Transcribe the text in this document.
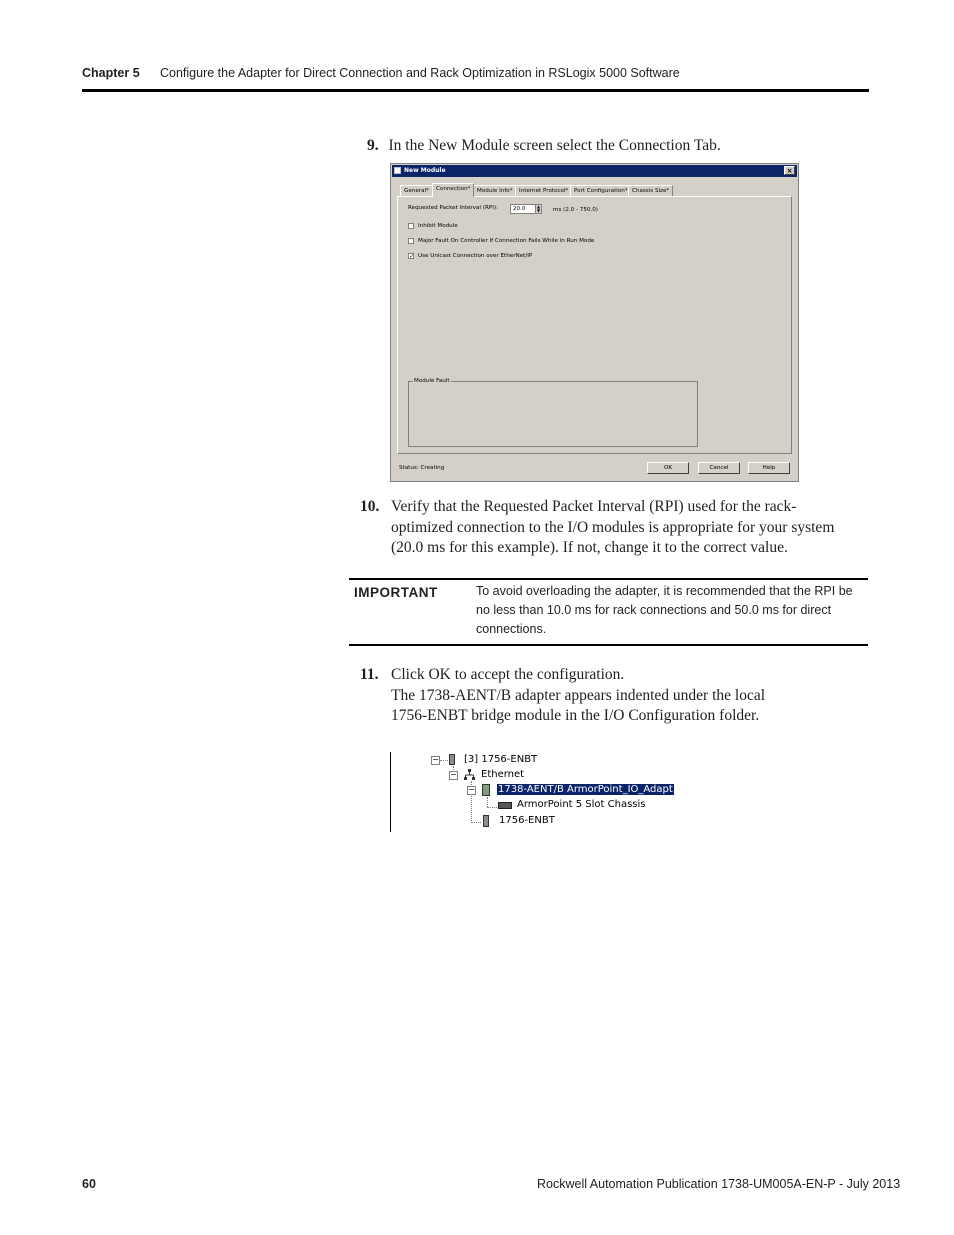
Chapter 5 Configure the Adapter for Direct Connection and Rack Optimization in RSLogix 5000 Software
9. In the New Module screen select the Connection Tab.
New Module	×
General*	Connection*	Module Info*	Internet Protocol*	Port Configuration* Chassis Size*
Requested Packet Interval (RPI):	20.0	▲
▼	ms (2.0 - 750.0)
Inhibit Module
Major Fault On Controller If Connection Fails While in Run Mode
✓ Use Unicast Connection over EtherNet/IP
Module Fault
Status: Creating	OK	Cancel	Help
10. Verify that the Requested Packet Interval (RPI) used for the rack-
optimized connection to the I/O modules is appropriate for your system
(20.0 ms for this example). If not, change it to the correct value.
IMPORTANT	To avoid overloading the adapter, it is recommended that the RPI be
no less than 10.0 ms for rack connections and 50.0 ms for direct
connections.
11. Click OK to accept the configuration.
The 1738-AENT/B adapter appears indented under the local
1756-ENBT bridge module in the I/O Configuration folder.
−	[3] 1756-ENBT
− Ethernet
− 1738-AENT/B ArmorPoint_IO_Adapt
ArmorPoint 5 Slot Chassis
1756-ENBT
60	Rockwell Automation Publication 1738-UM005A-EN-P - July 2013
